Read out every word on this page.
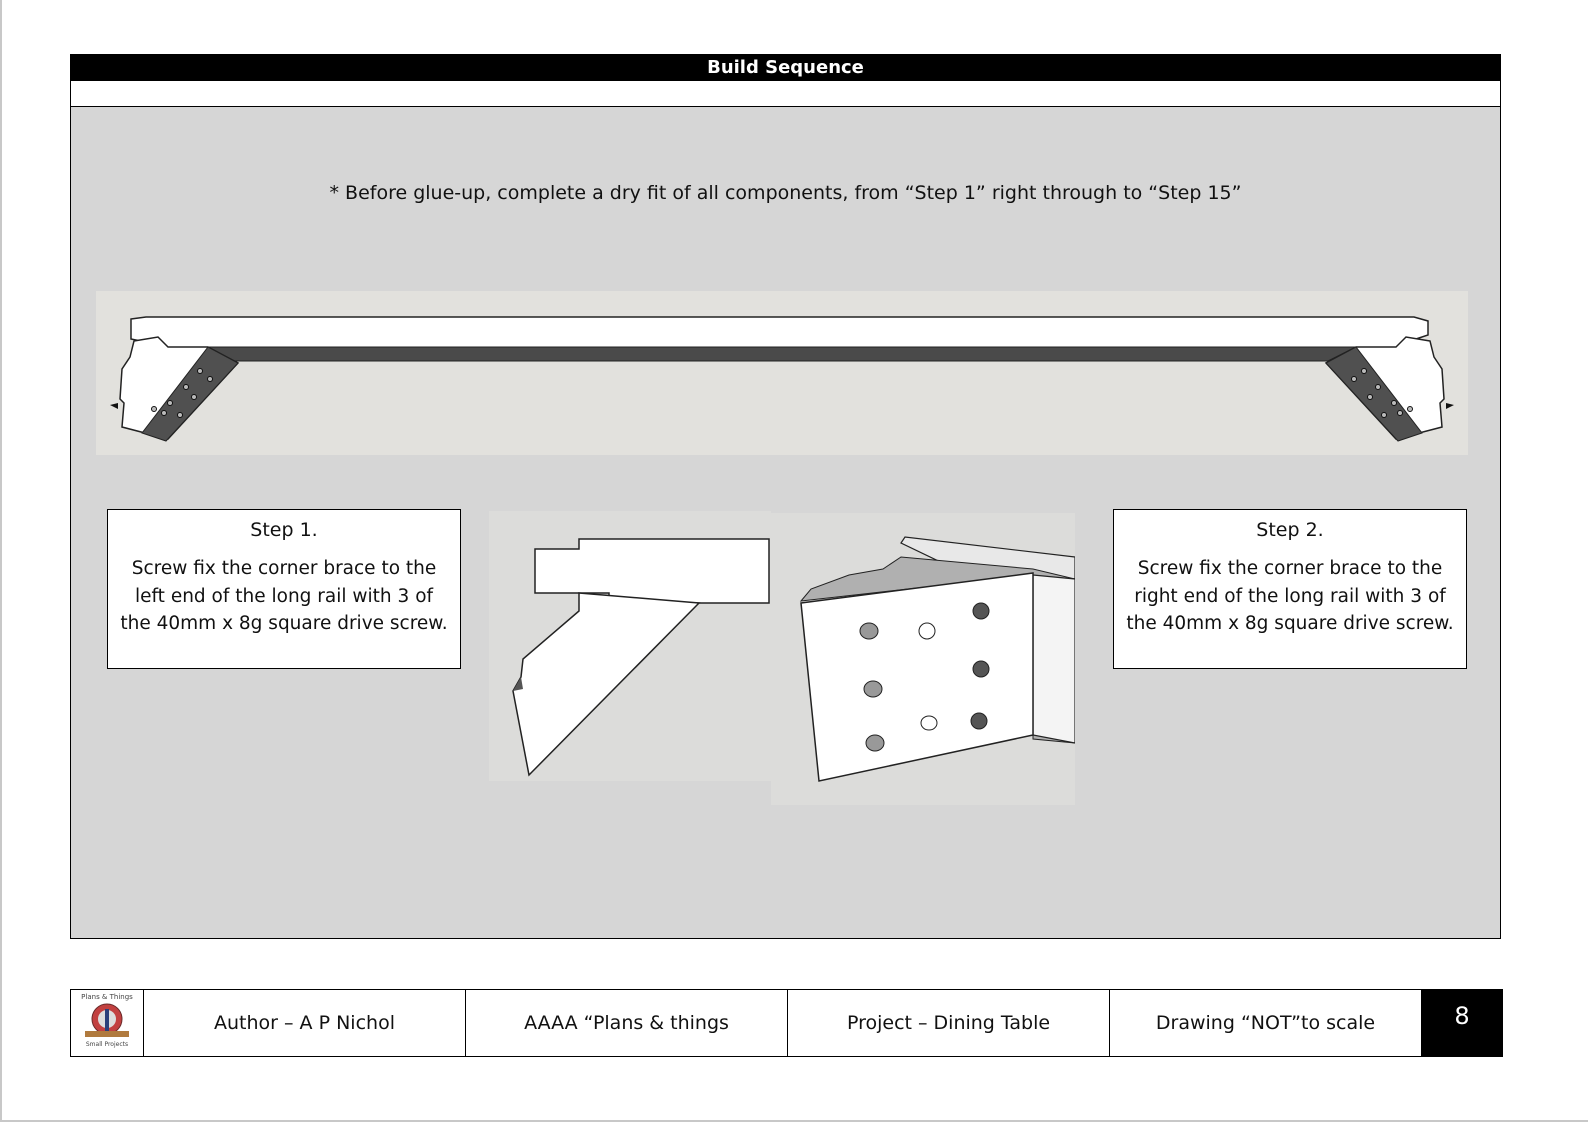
Build Sequence
* Before glue-up, complete a dry fit of all components, from “Step 1” right through to “Step 15”
Step 1.
Screw fix the corner brace to the left end of the long rail with 3 of the 40mm x 8g square drive screw.
Step 2.
Screw fix the corner brace to the right end of the long rail with 3 of the 40mm x 8g square drive screw.
Plans & Things
Small Projects
Author – A P Nichol	AAAA “Plans & things	Project – Dining Table	Drawing “NOT”to scale	8
